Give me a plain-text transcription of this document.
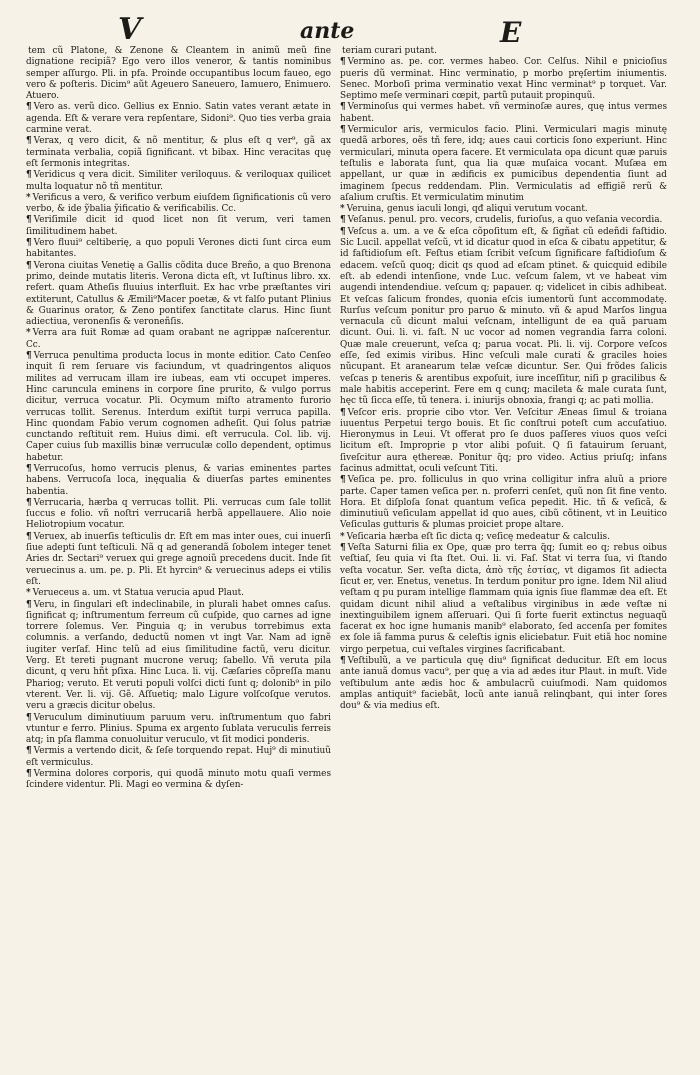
V	ante	E

tem cũ Platone, & Zenone & Cleantem in animũ meũ fine dignatione recipiã? Ego vero illos veneror, & tantis nominibus semper aſſurgo. Pli. in pfa. Proinde occupantibus locum faueo, ego vero & poſteris. Dicim⁹ aũt Ageuero Saneuero, Iamuero, Enimuero. Atuero.

¶ Vero as. verũ dico. Gellius ex Ennio. Satin vates verant ætate in agenda. Eſt & verare vera repſentare, Sidoni⁹. Quo ties verba graia carmine verat.

¶ Verax, q vero dicit, & nõ mentitur, & plus eſt q ver⁹, gã ax terminata verbalia, copiã ſignificant. vt bibax. Hinc veracitas quę eſt ſermonis integritas.

¶ Veridicus q vera dicit. Similiter veriloquus. & veriloquax quilicet multa loquatur nõ tñ mentitur.

* Verificus a vero, & verifico verbum eiuſdem ſignificationis cũ vero verbo, & ide ỹbalia ỹificatio & verificabilis. Cc.

¶ Veriſimile dicit id quod licet non ſit verum, veri tamen ſimilitudinem habet.

¶ Vero fluui⁹ celtiberię, a quo populi Verones dicti ſunt circa eum habitantes.

¶ Verona ciuitas Venetię a Gallis cõdita duce Breño, a quo Brenona primo, deinde mutatis literis. Verona dicta eſt, vt Iuſtinus libro. xx. refert. quam Atheſis fluuius interfluit. Ex hac vrbe præſtantes viri extiterunt, Catullus & Æmili⁹Macer poetæ, & vt falſo putant Plinius & Guarinus orator, & Zeno pontifex ſanctitate clarus. Hinc ſiunt adiectiua, veronenſis & veroneñſis.

* Verra ara fuit Romæ ad quam orabant ne agrippæ naſcerentur. Cc.

¶ Verruca penultima producta locus in monte editior. Cato Cenſeo inquit ſi rem ſeruare vis faciundum, vt quadringentos aliquos milites ad verrucam illam ire iubeas, eam vti occupet imperes. Hinc caruncula eminens in corpore ſine prurito, & vulgo porrus dicitur, verruca vocatur. Pli. Ocymum miſto atramento furorio verrucas tollit. Serenus. Interdum exiſtit turpi verruca papilla. Hinc quondam Fabio verum cognomen adheſit. Qui ſolus patriæ cunctando reſtituit rem. Huius dimi. eſt verrucula. Col. lib. vij. Caper cuius ſub maxillis binæ verruculæ collo dependent, optimus habetur.

¶ Verrucoſus, homo verrucis plenus, & varias eminentes partes habens. Verrucoſa loca, inęqualia & diuerſas partes eminentes habentia.

¶ Verrucaria, hærba q verrucas tollit. Pli. verrucas cum ſale tollit ſuccus e folio. vñ noſtri verrucariã herbã appellauere. Alio noie Heliotropium vocatur.

¶ Veruex, ab inuerſis teſticulis dr. Eſt em mas inter oues, cui inuerſi ſiue adepti ſunt teſticuli. Nã q ad generandã ſobolem integer tenet Aries dr. Sectari⁹ veruex qui grege agnoiũ precedens ducit. Inde ſit veruecinus a. um. pe. p. Pli. Et hyrcin⁹ & veruecinus adeps ei vtilis eſt.

* Verueceus a. um. vt Statua verucia apud Plaut.

¶ Veru, in ſingulari eſt indeclinabile, in plurali habet omnes caſus. ſignificat q; inſtrumentum ferreum cũ cuſpide, quo carnes ad igne torrere ſolemus. Ver. Pinguia q; in verubus torrebimus exta columnis. a verſando, deductũ nomen vt ingt Var. Nam ad ignẽ iugiter verſaf. Hinc telũ ad eius ſimilitudine factũ, veru dicitur. Verg. Et tereti pugnant mucrone veruq; ſabello. Vñ veruta pila dicunt, q veru hñt pſixa. Hinc Luca. li. vij. Cæſaries cõpreſſa manu Phariog; veruto. Et veruti populi volſci dicti ſunt q; dolonib⁹ in pilo vterent. Ver. li. vij. Gẽ. Aſſuetiq; malo Ligure volſcoſque verutos. veru a græcis dicitur obelus.

¶ Veruculum diminutiuum paruum veru. inſtrumentum quo fabri vtuntur e ferro. Plinius. Spuma ex argento ſublata veruculis ferreis atq; in pſa flamma conuoluitur veruculo, vt ſit modici ponderis.

¶ Vermis a vertendo dicit, & ſeſe torquendo repat. Huj⁹ di minutiuũ eſt vermiculus.

¶ Vermina dolores corporis, qui quodã minuto motu quaſi vermes ſcindere videntur. Pli. Magi eo vermina & dyſen-

teriam curari putant.

¶ Vermino as. pe. cor. vermes habeo. Cor. Celſus. Nihil e pnicioſius pueris dũ verminat. Hinc verminatio, p morbo pręſertim iniumentis. Senec. Morboſi prima verminatio vexat Hinc verminat⁹ p torquet. Var. Septimo meſe verminari cœpit, partũ putauit propinquũ.

¶ Verminoſus qui vermes habet. vñ verminoſæ aures, quę intus vermes habent.

¶ Vermiculor aris, vermiculos facio. Plini. Vermiculari magis minutę quedã arbores, oẽs tñ fere, idq; aues caui corticis ſono experiunt. Hinc vermiculari, minuta opera facere. Et vermiculata opa dicunt quæ paruis teſtulis e laborata ſunt, qua lia quæ muſaica vocant. Muſæa em appellant, ur quæ in ædificis ex pumicibus dependentia ſiunt ad imaginem ſpecus reddendam. Plin. Vermiculatis ad effigiẽ rerũ & aſalium cruſtis. Et vermiculatim minutim

* Veruina, genus iaculi longi, qđ aliqui verutum vocant.

¶ Veſanus. penul. pro. vecors, crudelis, furioſus, a quo veſania vecordia.

¶ Veſcus a. um. a ve & eſca cõpoſitum eſt, & ſigñat cũ edeñdi faſtidio. Sic Lucil. appellat veſcũ, vt id dicatur quod in eſca & cibatu appetitur, & id faſtidioſum eſt. Feſtus etiam ſcribit veſcum ſignificare faſtidioſum & edacem. veſcũ quoq; dicit qs quod ad eſcam ptinet. & quicquid edibile eſt. ab edendi intenſione, vnde Luc. veſcum ſalem, vt ve habeat vim augendi intendendiue. veſcum q; papauer. q; videlicet in cibis adhibeat. Et veſcas ſalicum frondes, quonia eſcis iumentorũ ſunt accommodatę. Rurſus veſcum ponitur pro paruo & minuto. vñ & apud Marſos lingua vernacula cũ dicunt malui veſcnam, intelligunt de ea quã paruam dicunt. Oui. li. vi. faſt. N uc vocor ad nomen vegrandia farra coloni. Quæ male creuerunt, veſca q; parua vocat. Pli. li. vij. Corpore veſcos eſſe, ſed eximis viribus. Hinc veſculi male curati & graciles hoies nũcupant. Et aranearum telæ veſcæ dicuntur. Ser. Qui frõdes ſalicis veſcas p teneris & arentibus expoſuit, iure inceſſitur, niſi p gracilibus & male habitis acceperint. Fere em q cunq; macileta & male curata ſunt, hęc tũ ſicca eſſe, tũ tenera. i. iniurijs obnoxia, frangi q; ac pati mollia.

¶ Veſcor eris. proprie cibo vtor. Ver. Veſcitur Æneas ſimul & troiana iuuentus Perpetui tergo bouis. Et ſic conſtrui poteſt cum accuſatiuo. Hieronymus in Leui. Vt offerat pro ſe duos paſſeres viuos quos veſci licitum eſt. Improprie p vtor alibi poſuit. Q ſi fatauirum ſeruant, ſiveſcitur aura ęthereæ. Ponitur q̃q; pro video. Actius priuſq; infans facinus admittat, oculi veſcunt Titi.

¶ Veſica pe. pro. folliculus in quo vrina colligitur infra aluũ a priore parte. Caper tamen veſica per. n. proferri cenſet, quũ non ſit fine vento. Hora. Et diſploſa ſonat quantum veſica pepedit. Hic. tñ & veſicã, & diminutiuũ veſiculam appellat id quo aues, cibũ cõtinent, vt in Leuitico Veſiculas gutturis & plumas proiciet prope altare.

* Veſicaria hærba eſt ſic dicta q; veſicę medeatur & calculis.

¶ Veſta Saturni filia ex Ope, quæ pro terra q̃q; ſumit eo q; rebus oibus veſtiaſ, ſeu quia vi ſta ſtet. Oui. li. vi. Faſ. Stat vi terra ſua, vi ſtando veſta vocatur. Ser. veſta dicta, ἀπὸ τῆς ἑστίας, vt digamos ſit adiecta ſicut er, ver. Enetus, venetus. In terdum ponitur pro igne. Idem Nil aliud veſtam q pu puram intellige flammam quia ignis ſiue flammæ dea eſt. Et quidam dicunt nihil aliud a veſtalibus virginibus in æde veſtæ ni inextinguibilem ignem aſſeruari. Qui ſi forte fuerit extinctus neguaqũ facerat ex hoc igne humanis manib⁹ elaborato, ſed accenſa per fomites ex ſole iã famma purus & celeſtis ignis eliciebatur. Fuit etiã hoc nomine virgo perpetua, cui veſtales virgines ſacrificabant.

¶ Veſtibulũ, a ve particula quę diu⁹ ſignificat deducitur. Eſt em locus ante ianuã domus vacu⁹, per quę a via ad ædes itur Plaut. in muſt. Vide veſtibulum ante ædis hoc & ambulacrũ cuiuſmodi. Nam quidomos amplas antiquit⁹ faciebãt, locũ ante ianuã relinqbant, qui inter ſores dou⁹ & via medius eſt.
